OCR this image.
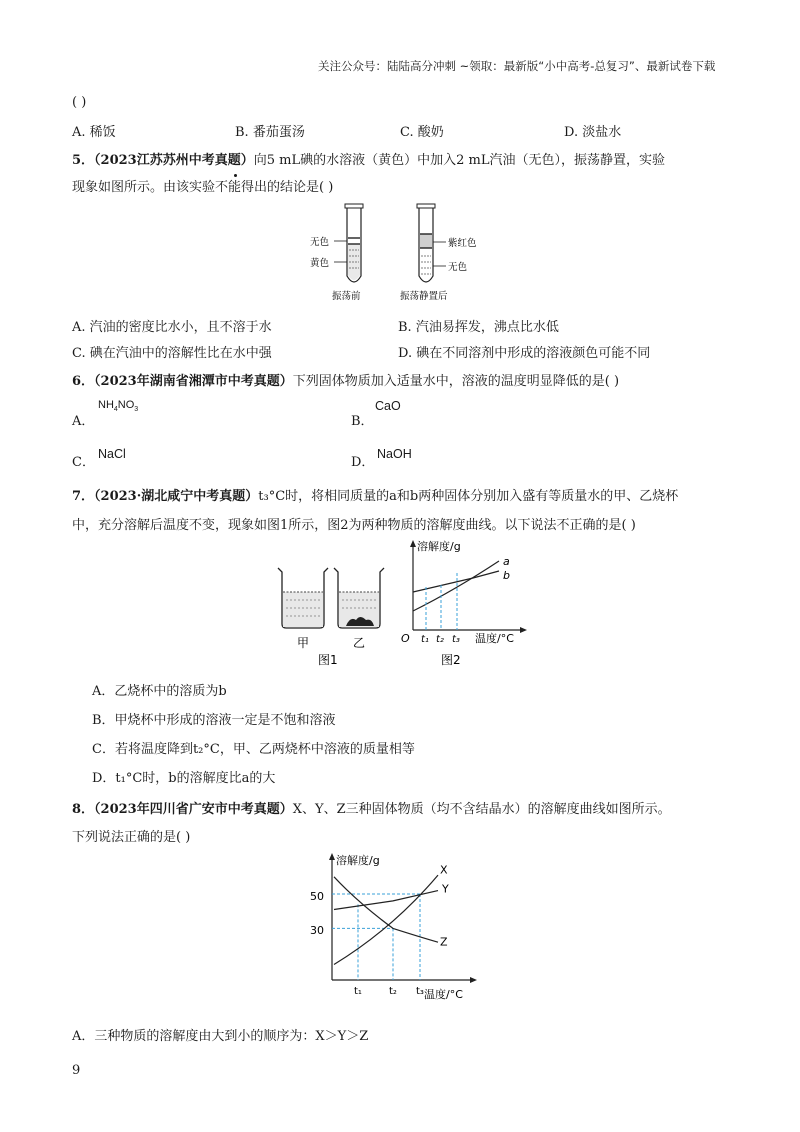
关注公众号：陆陆高分冲刺 ~领取：最新版“小中高考-总复习”、最新试卷下载
( )
A. 稀饭	B. 番茄蛋汤	C. 酸奶	D. 淡盐水
5．（2023江苏苏州中考真题）向5 mL碘的水溶液（黄色）中加入2 mL汽油（无色），振荡静置，实验
现象如图所示。由该实验不能得出的结论是( )
无色
黄色
振荡前
紫红色
无色
振荡静置后
A. 汽油的密度比水小，且不溶于水	B. 汽油易挥发，沸点比水低
C. 碘在汽油中的溶解性比在水中强	D. 碘在不同溶剂中形成的溶液颜色可能不同
6．（2023年湖南省湘潭市中考真题）下列固体物质加入适量水中，溶液的温度明显降低的是( )
A．
$NH_4NO_3$
B．
CaO
C．
NaCl
D．
NaOH
7．（2023·湖北咸宁中考真题）t₃°C时，将相同质量的a和b两种固体分别加入盛有等质量水的甲、乙烧杯
中，充分溶解后温度不变，现象如图1所示，图2为两种物质的溶解度曲线。以下说法不正确的是( )
甲	乙
图1
溶解度/g
a
b
O t₁ t₂ t₃ 温度/°C
图2
A．乙烧杯中的溶质为b
B．甲烧杯中形成的溶液一定是不饱和溶液
C．若将温度降到t₂°C，甲、乙两烧杯中溶液的质量相等
D．t₁°C时，b的溶解度比a的大
8．（2023年四川省广安市中考真题）X、Y、Z三种固体物质（均不含结晶水）的溶解度曲线如图所示。
下列说法正确的是( )
溶解度/g
X
Y
Z
50
30
t₁	t₂ t₃ 温度/°C
A．三种物质的溶解度由大到小的顺序为：X＞Y＞Z
9
